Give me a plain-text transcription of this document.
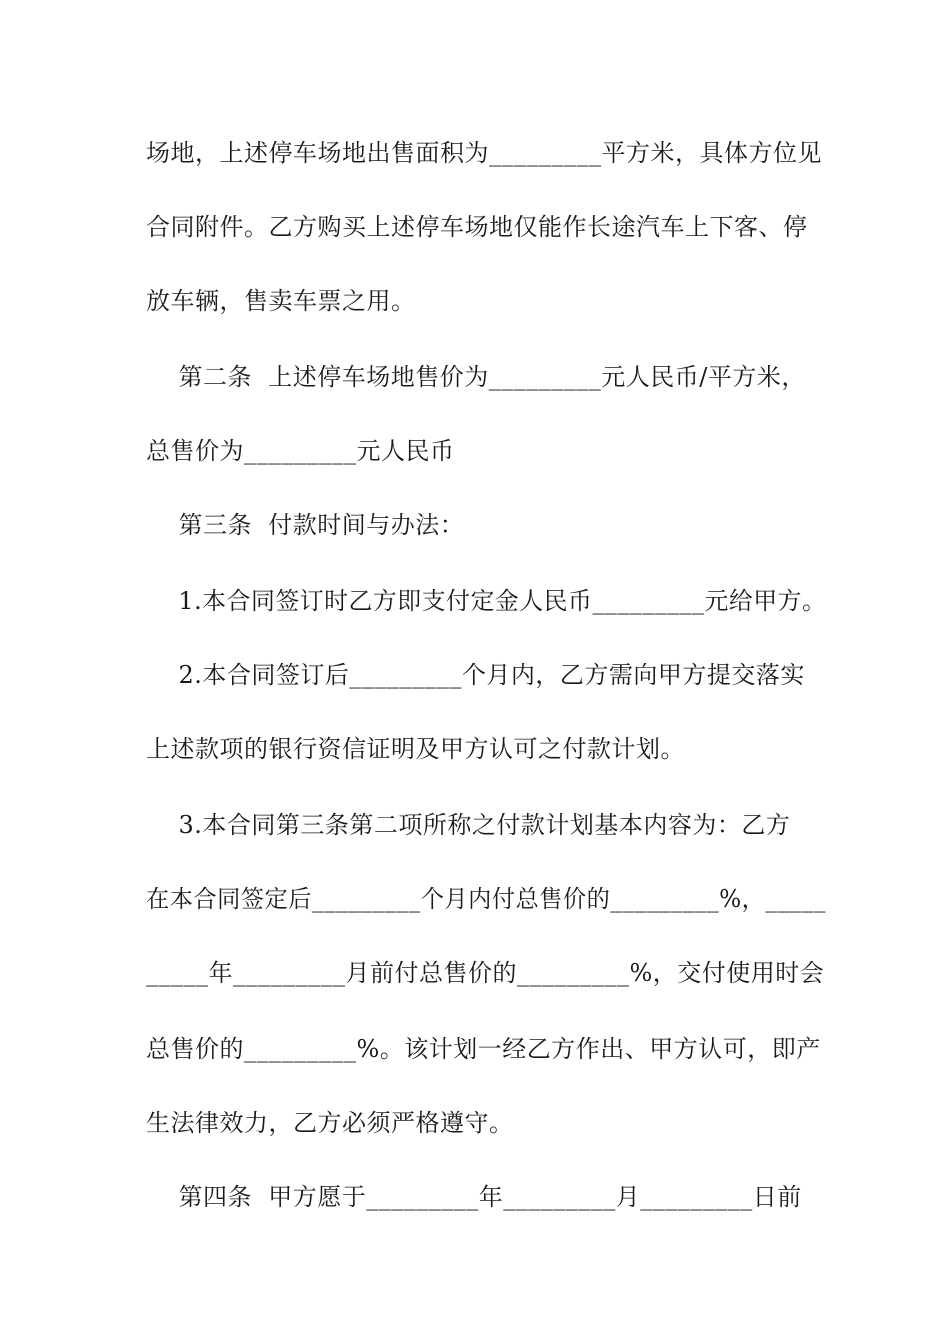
场地，上述停车场地出售面积为_________平方米，具体方位见
合同附件。乙方购买上述停车场地仅能作长途汽车上下客、停
放车辆，售卖车票之用。
第二条  上述停车场地售价为_________元人民币/平方米，
总售价为_________元人民币
第三条  付款时间与办法：
1.本合同签订时乙方即支付定金人民币_________元给甲方。
2.本合同签订后_________个月内，乙方需向甲方提交落实
上述款项的银行资信证明及甲方认可之付款计划。
3.本合同第三条第二项所称之付款计划基本内容为：乙方
在本合同签定后_________个月内付总售价的_________%，_____
_____年_________月前付总售价的_________%，交付使用时会
总售价的_________%。该计划一经乙方作出、甲方认可，即产
生法律效力，乙方必须严格遵守。
第四条  甲方愿于_________年_________月_________日前
